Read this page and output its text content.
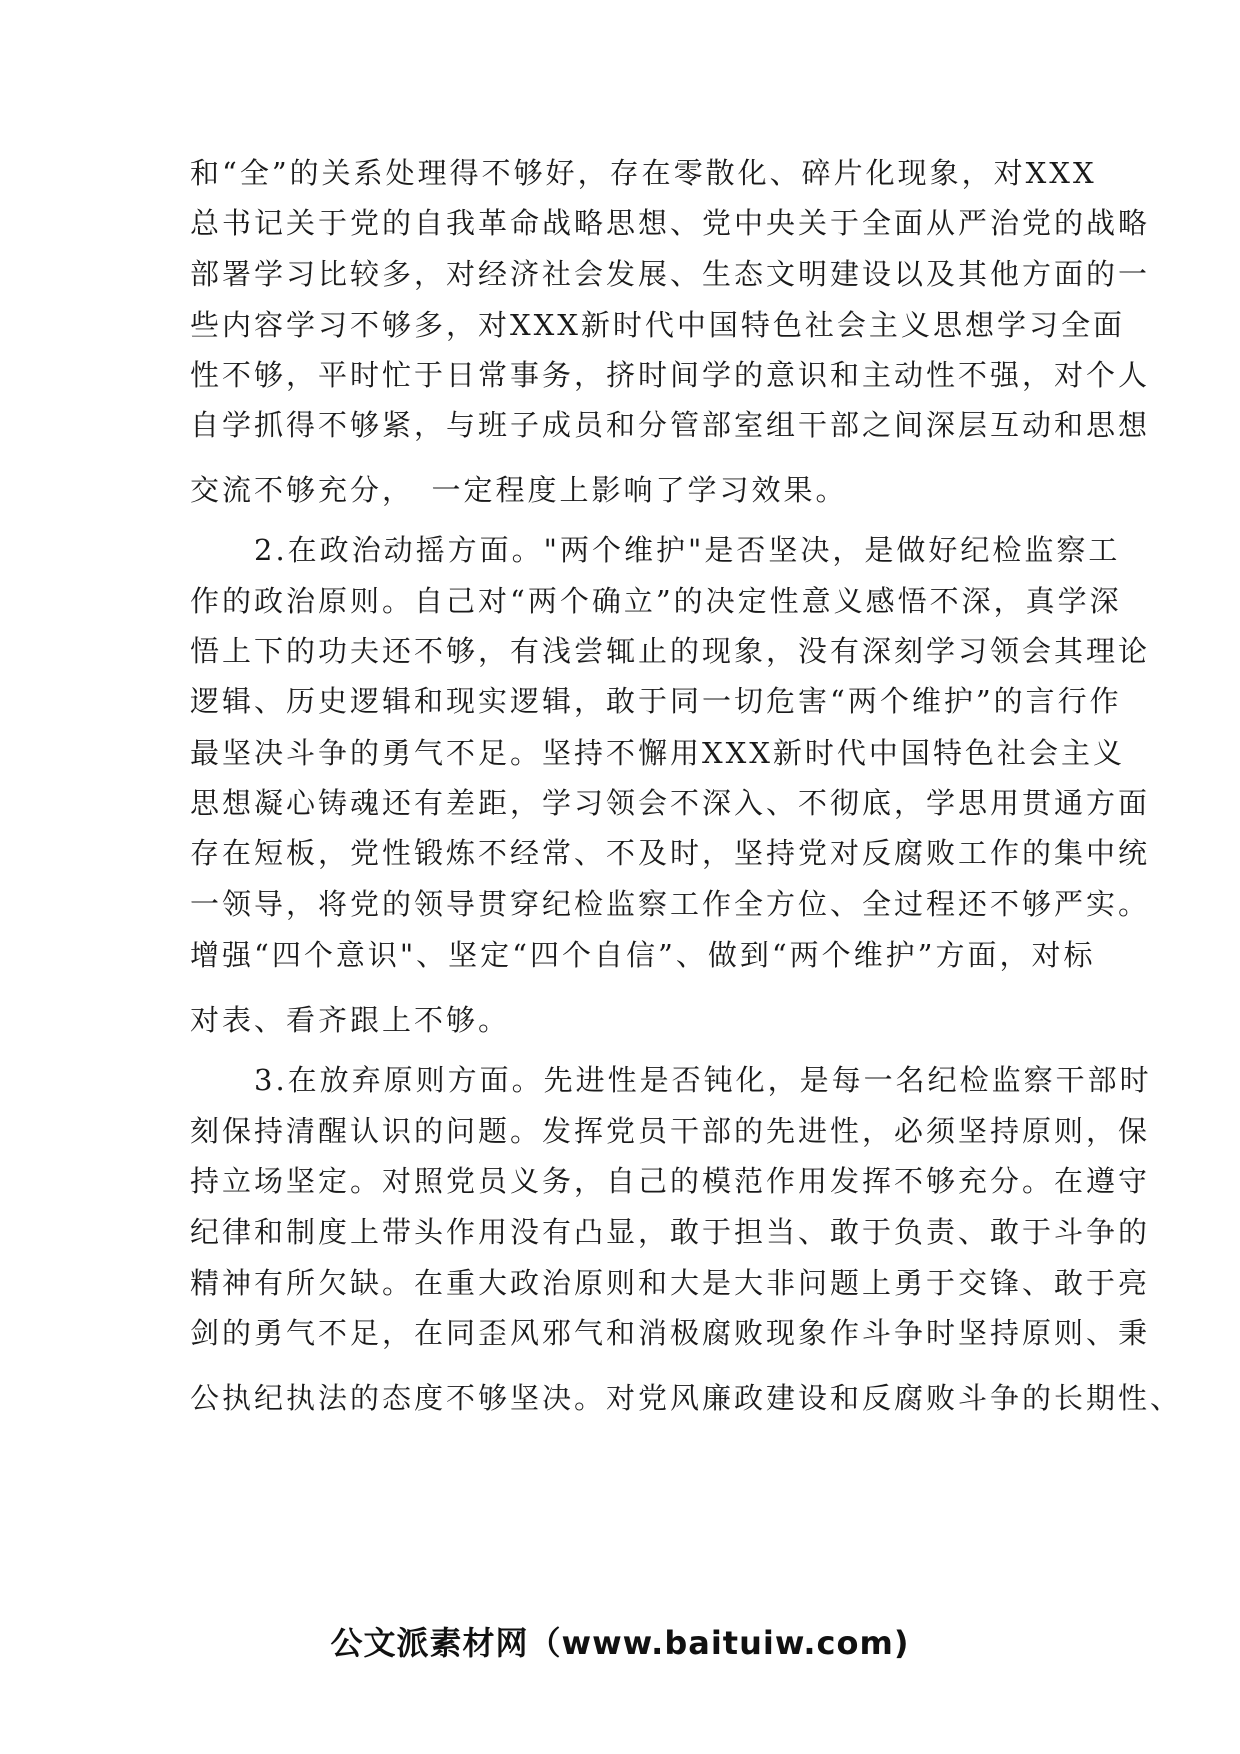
和“全”的关系处理得不够好，存在零散化、碎片化现象，对XXX
总书记关于党的自我革命战略思想、党中央关于全面从严治党的战略
部署学习比较多，对经济社会发展、生态文明建设以及其他方面的一
些内容学习不够多，对XXX新时代中国特色社会主义思想学习全面
性不够，平时忙于日常事务，挤时间学的意识和主动性不强，对个人
自学抓得不够紧，与班子成员和分管部室组干部之间深层互动和思想
交流不够充分，　一定程度上影响了学习效果。
　　2.在政治动摇方面。"两个维护"是否坚决，是做好纪检监察工
作的政治原则。自己对“两个确立”的决定性意义感悟不深，真学深
悟上下的功夫还不够，有浅尝辄止的现象，没有深刻学习领会其理论
逻辑、历史逻辑和现实逻辑，敢于同一切危害“两个维护”的言行作
最坚决斗争的勇气不足。坚持不懈用XXX新时代中国特色社会主义
思想凝心铸魂还有差距，学习领会不深入、不彻底，学思用贯通方面
存在短板，党性锻炼不经常、不及时，坚持党对反腐败工作的集中统
一领导，将党的领导贯穿纪检监察工作全方位、全过程还不够严实。
增强“四个意识"、坚定“四个自信”、做到“两个维护”方面，对标
对表、看齐跟上不够。
　　3.在放弃原则方面。先进性是否钝化，是每一名纪检监察干部时
刻保持清醒认识的问题。发挥党员干部的先进性，必须坚持原则，保
持立场坚定。对照党员义务，自己的模范作用发挥不够充分。在遵守
纪律和制度上带头作用没有凸显，敢于担当、敢于负责、敢于斗争的
精神有所欠缺。在重大政治原则和大是大非问题上勇于交锋、敢于亮
剑的勇气不足，在同歪风邪气和消极腐败现象作斗争时坚持原则、秉
公执纪执法的态度不够坚决。对党风廉政建设和反腐败斗争的长期性、
公文派素材网（www.baituiw.com)
